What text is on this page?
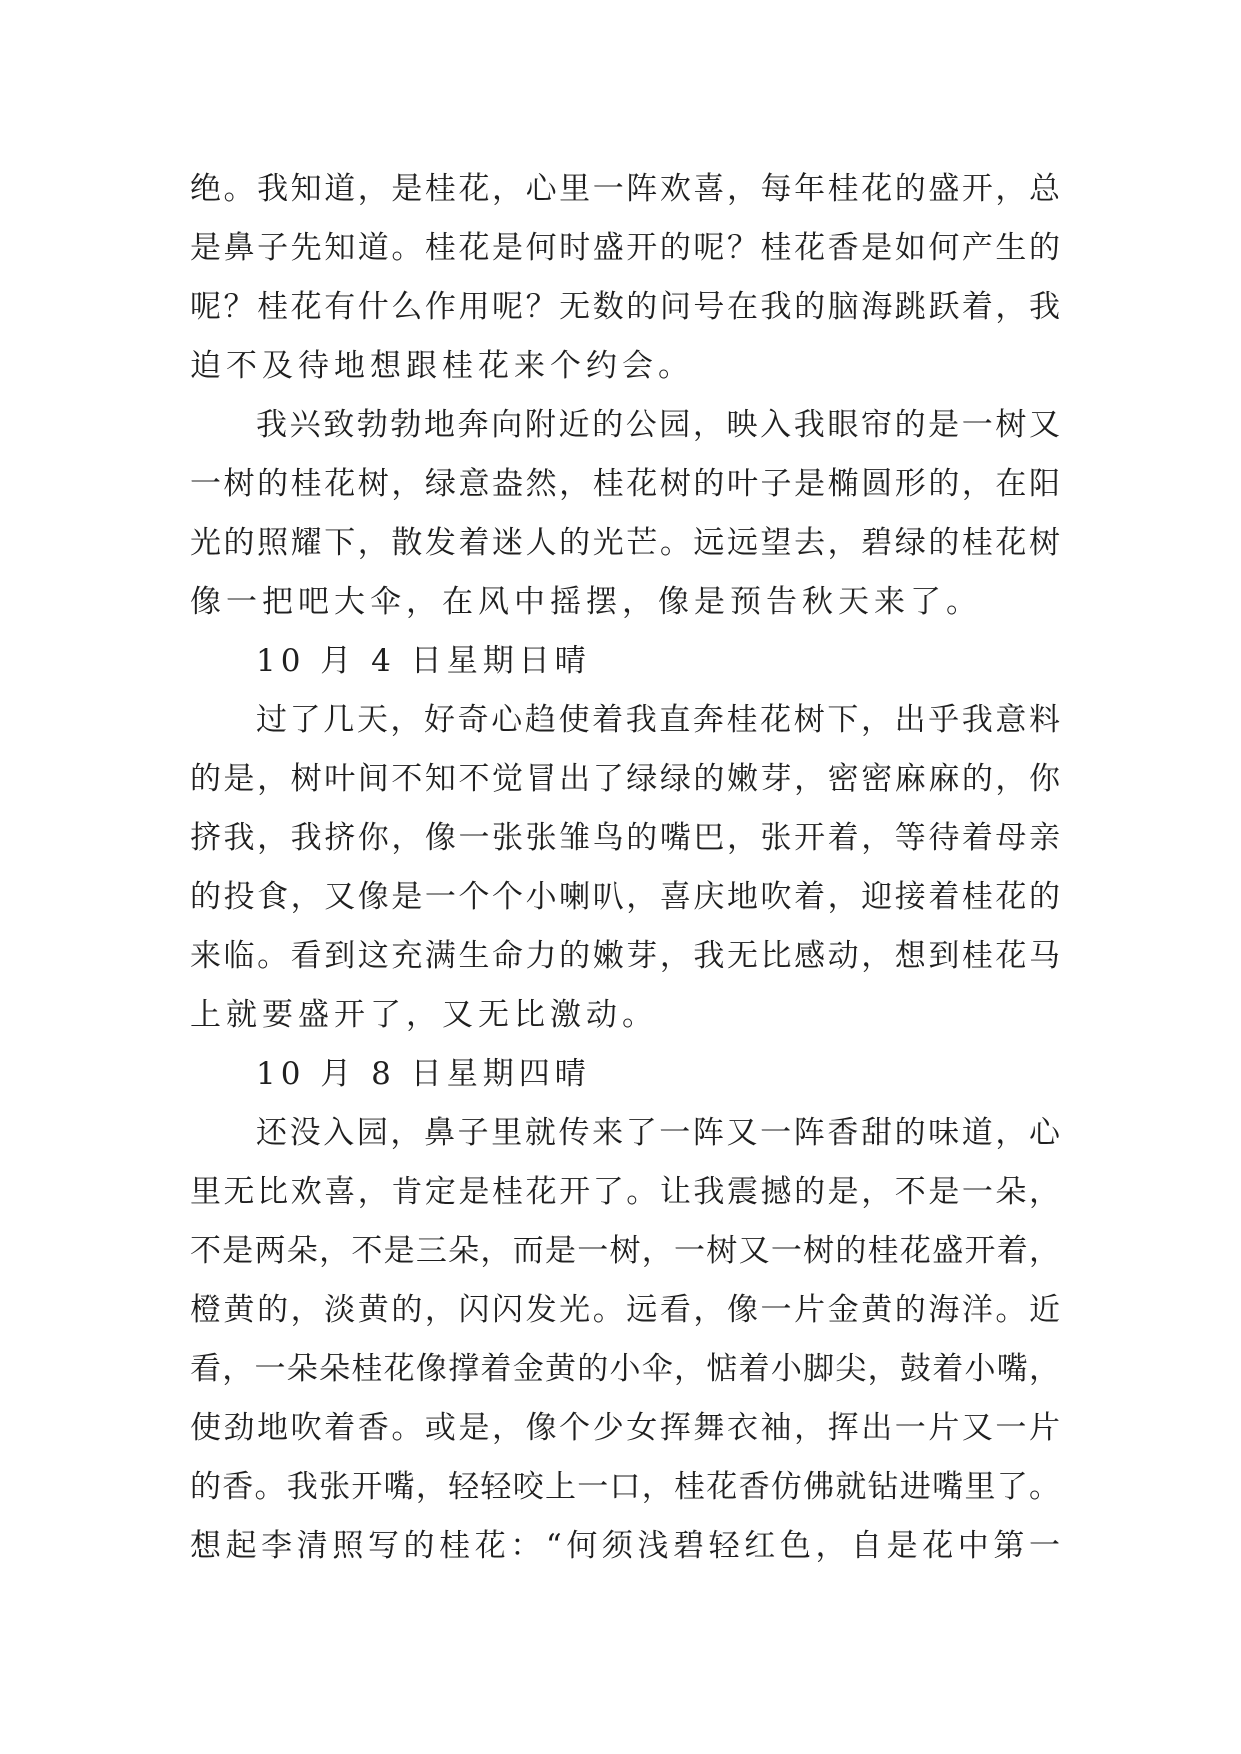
绝。我知道，是桂花，心里一阵欢喜，每年桂花的盛开，总
是鼻子先知道。桂花是何时盛开的呢？桂花香是如何产生的
呢？桂花有什么作用呢？无数的问号在我的脑海跳跃着，我
迫不及待地想跟桂花来个约会。
我兴致勃勃地奔向附近的公园，映入我眼帘的是一树又
一树的桂花树，绿意盎然，桂花树的叶子是椭圆形的，在阳
光的照耀下，散发着迷人的光芒。远远望去，碧绿的桂花树
像一把吧大伞，在风中摇摆，像是预告秋天来了。
10 月 4 日星期日晴
过了几天，好奇心趋使着我直奔桂花树下，出乎我意料
的是，树叶间不知不觉冒出了绿绿的嫩芽，密密麻麻的，你
挤我，我挤你，像一张张雏鸟的嘴巴，张开着，等待着母亲
的投食，又像是一个个小喇叭，喜庆地吹着，迎接着桂花的
来临。看到这充满生命力的嫩芽，我无比感动，想到桂花马
上就要盛开了，又无比激动。
10 月 8 日星期四晴
还没入园，鼻子里就传来了一阵又一阵香甜的味道，心
里无比欢喜，肯定是桂花开了。让我震撼的是，不是一朵，
不是两朵，不是三朵，而是一树，一树又一树的桂花盛开着，
橙黄的，淡黄的，闪闪发光。远看，像一片金黄的海洋。近
看，一朵朵桂花像撑着金黄的小伞，惦着小脚尖，鼓着小嘴，
使劲地吹着香。或是，像个少女挥舞衣袖，挥出一片又一片
的香。我张开嘴，轻轻咬上一口，桂花香仿佛就钻进嘴里了。
想起李清照写的桂花：“何须浅碧轻红色，自是花中第一
